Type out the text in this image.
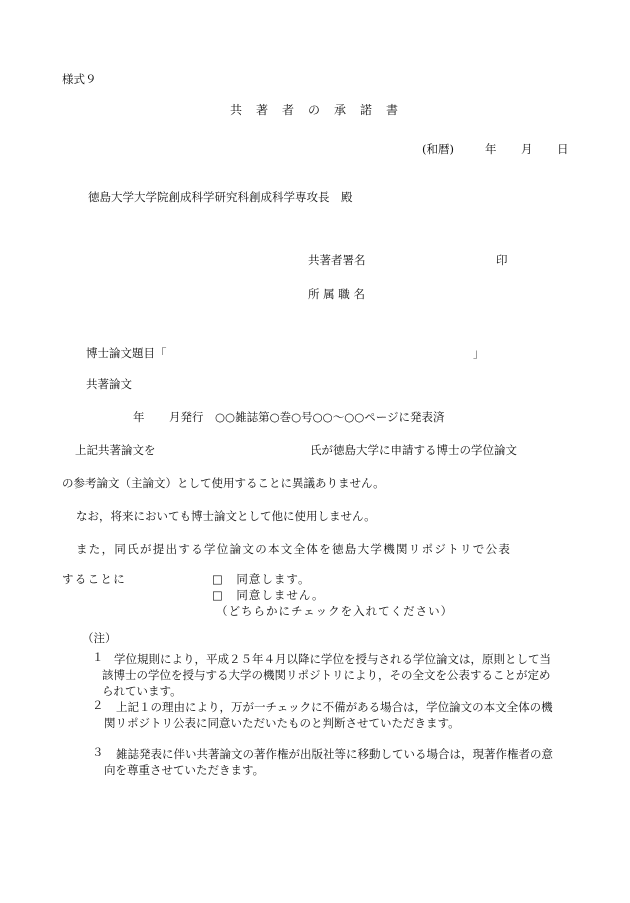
様式９
共著者の承諾書
(和暦)	年 月 日
徳島大学大学院創成科学研究科創成科学専攻長　殿
共著者署名	印
所 属 職 名
博士論文題目「	」
共著論文
年 月発行　○○雑誌第○巻○号○○～○○ページに発表済
上記共著論文を	氏が徳島大学に申請する博士の学位論文
の参考論文（主論文）として使用することに異議ありません。
なお，将来においても博士論文として他に使用しません。
また，同氏が提出する学位論文の本文全体を徳島大学機関リポジトリで公表
することに	□　同意します。
□　同意しません。
（どちらかにチェックを入れてください）
（注）
１ 学位規則により，平成２５年４月以降に学位を授与される学位論文は，原則として当該博士の学位を授与する大学の機関リポジトリにより，その全文を公表することが定められています。
２	上記１の理由により，万が一チェックに不備がある場合は，学位論文の本文全体の機関リポジトリ公表に同意いただいたものと判断させていただきます。
３	雑誌発表に伴い共著論文の著作権が出版社等に移動している場合は，現著作権者の意向を尊重させていただきます。
